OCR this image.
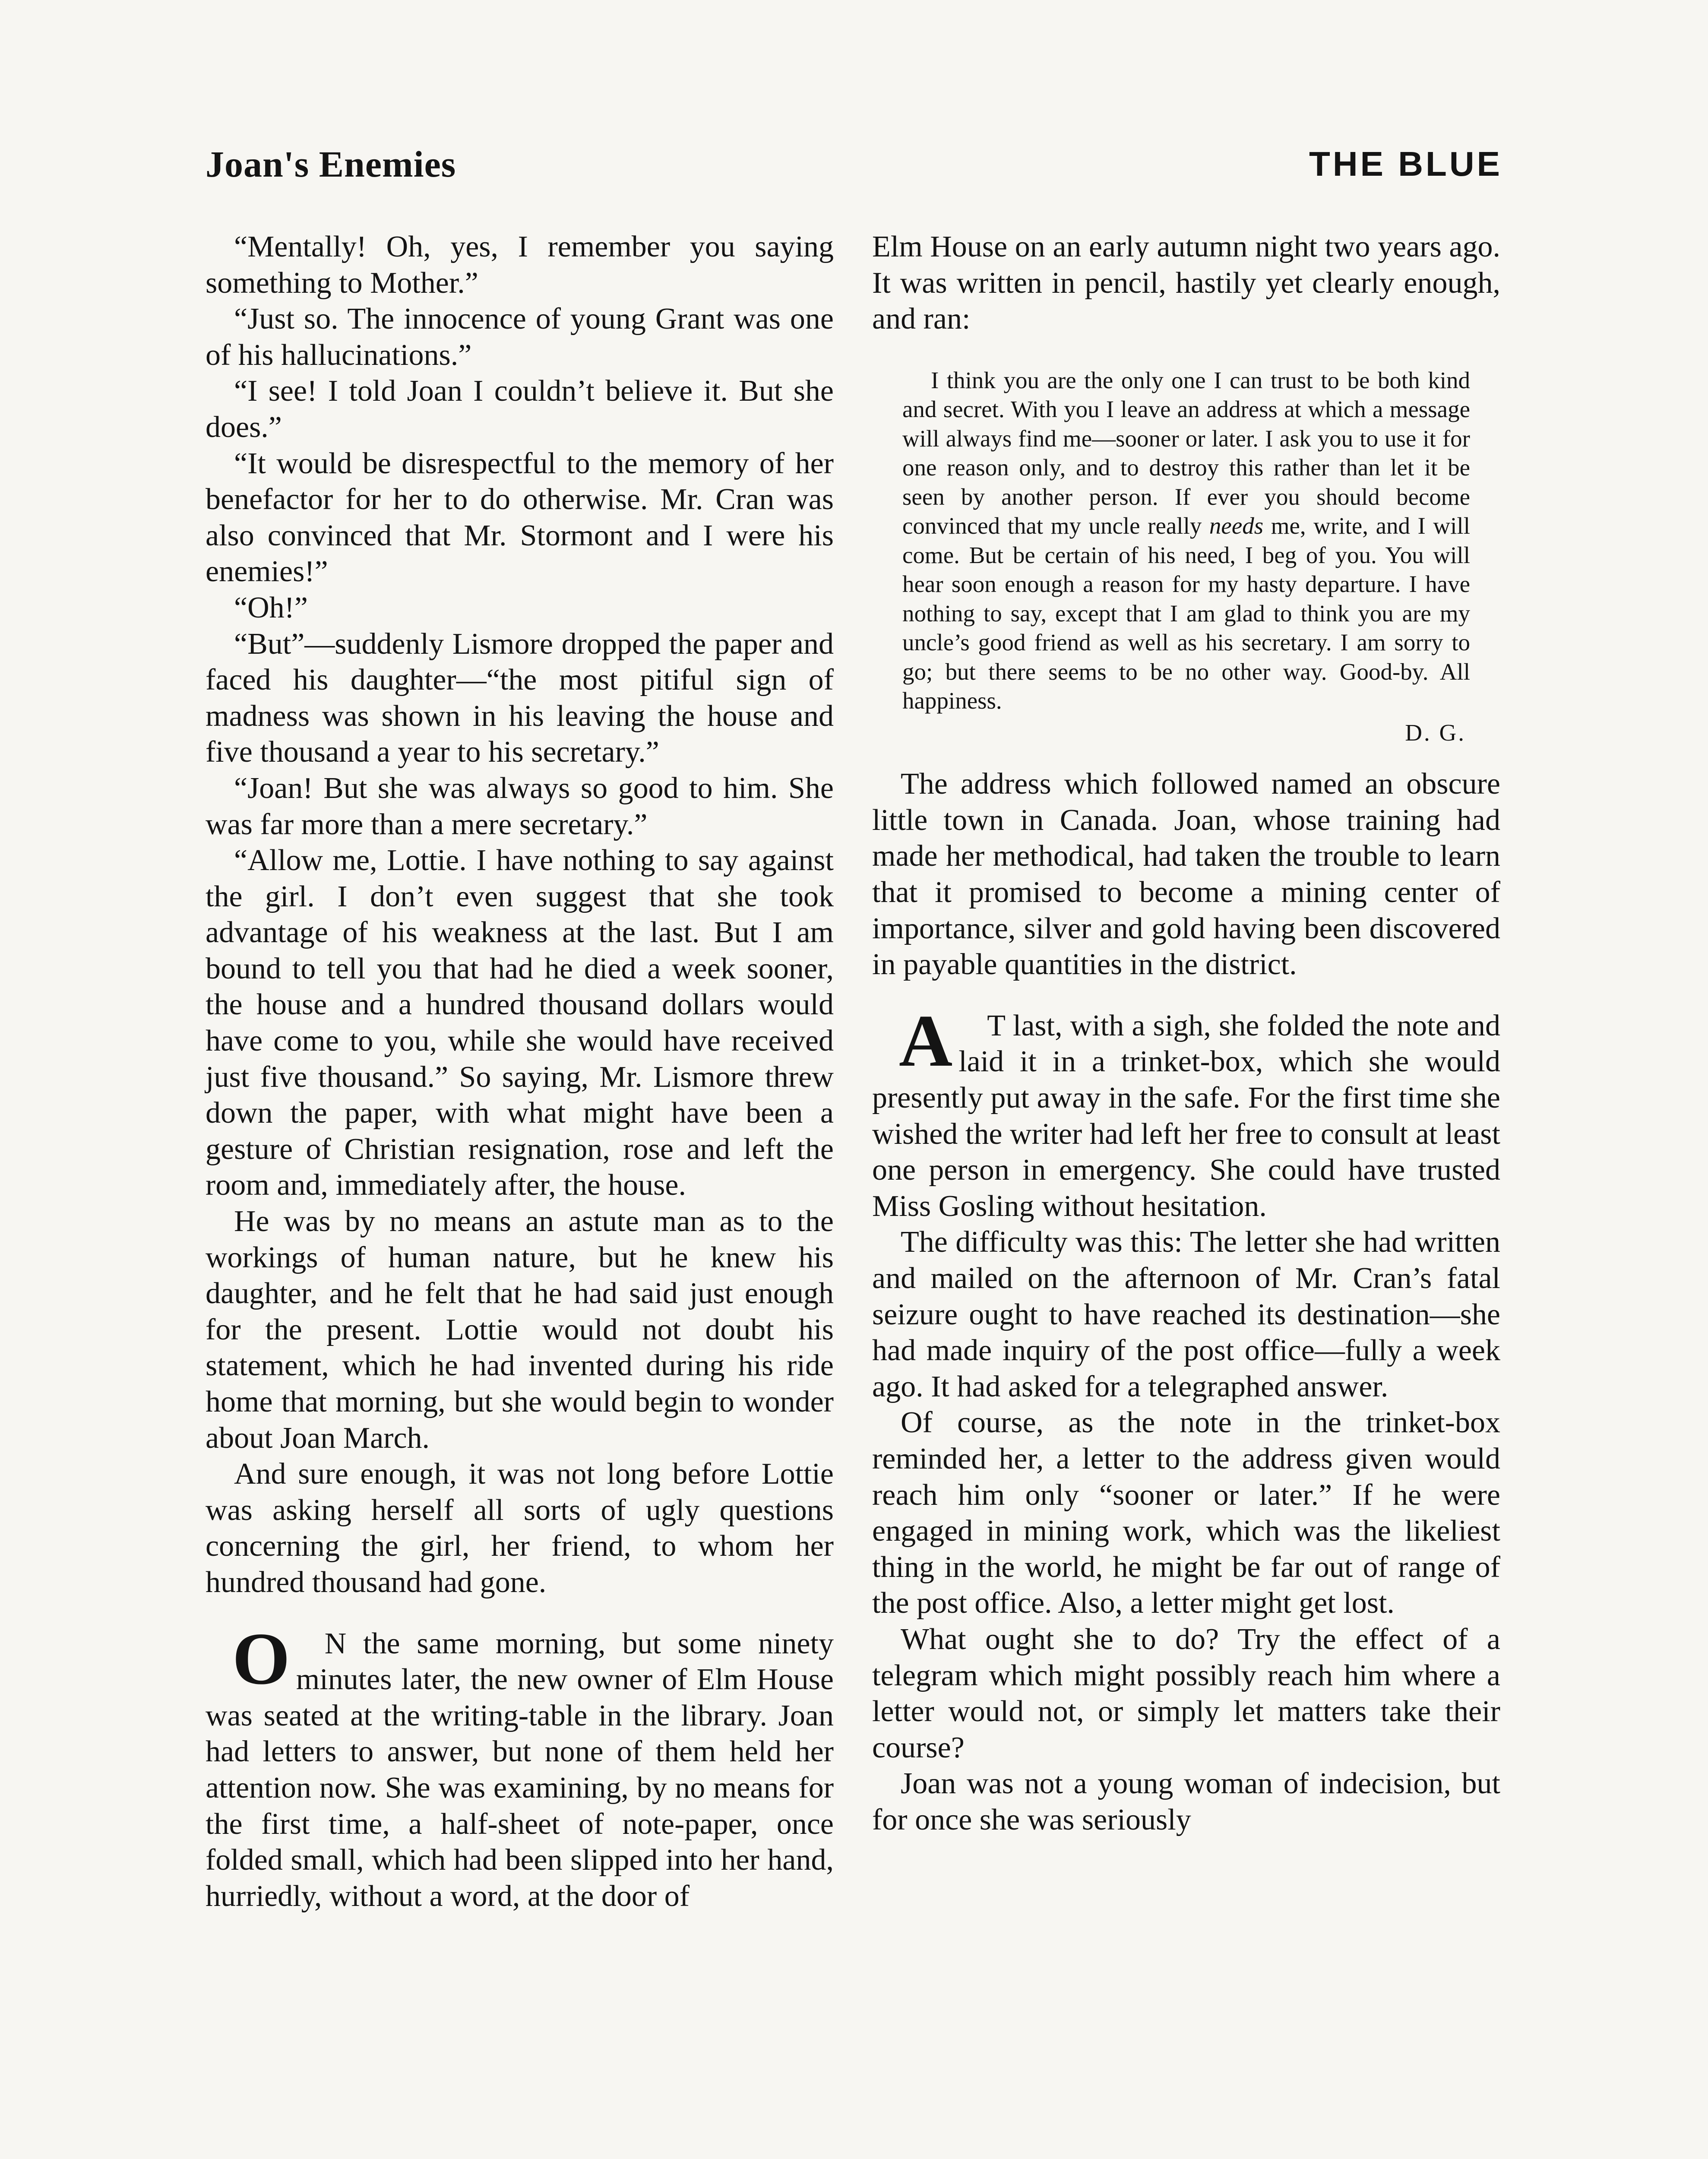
Joan's Enemies	THE BLUE

“Mentally! Oh, yes, I remember you saying something to Mother.”

“Just so. The innocence of young Grant was one of his hallucinations.”

“I see! I told Joan I couldn’t believe it. But she does.”

“It would be disrespectful to the memory of her benefactor for her to do otherwise. Mr. Cran was also convinced that Mr. Stormont and I were his enemies!”

“Oh!”

“But”—suddenly Lismore dropped the paper and faced his daughter—“the most pitiful sign of madness was shown in his leaving the house and five thousand a year to his secretary.”

“Joan! But she was always so good to him. She was far more than a mere secretary.”

“Allow me, Lottie. I have nothing to say against the girl. I don’t even suggest that she took advantage of his weakness at the last. But I am bound to tell you that had he died a week sooner, the house and a hundred thousand dollars would have come to you, while she would have received just five thousand.” So saying, Mr. Lismore threw down the paper, with what might have been a gesture of Christian resignation, rose and left the room and, immediately after, the house.

He was by no means an astute man as to the workings of human nature, but he knew his daughter, and he felt that he had said just enough for the present. Lottie would not doubt his statement, which he had invented during his ride home that morning, but she would begin to wonder about Joan March.

And sure enough, it was not long before Lottie was asking herself all sorts of ugly questions concerning the girl, her friend, to whom her hundred thousand had gone.

O N the same morning, but some ninety minutes later, the new owner of Elm House was seated at the writing-table in the library. Joan had letters to answer, but none of them held her attention now. She was examining, by no means for the first time, a half-sheet of note-paper, once folded small, which had been slipped into her hand, hurriedly, without a word, at the door of

Elm House on an early autumn night two years ago. It was written in pencil, hastily yet clearly enough, and ran:

I think you are the only one I can trust to be both kind and secret. With you I leave an address at which a message will always find me—sooner or later. I ask you to use it for one reason only, and to destroy this rather than let it be seen by another person. If ever you should become convinced that my uncle really needs me, write, and I will come. But be certain of his need, I beg of you. You will hear soon enough a reason for my hasty departure. I have nothing to say, except that I am glad to think you are my uncle’s good friend as well as his secretary. I am sorry to go; but there seems to be no other way. Good-by. All happiness.

D. G.

The address which followed named an obscure little town in Canada. Joan, whose training had made her methodical, had taken the trouble to learn that it promised to become a mining center of importance, silver and gold having been discovered in payable quantities in the district.

A T last, with a sigh, she folded the note and laid it in a trinket-box, which she would presently put away in the safe. For the first time she wished the writer had left her free to consult at least one person in emergency. She could have trusted Miss Gosling without hesitation.

The difficulty was this: The letter she had written and mailed on the afternoon of Mr. Cran’s fatal seizure ought to have reached its destination—she had made inquiry of the post office—fully a week ago. It had asked for a telegraphed answer.

Of course, as the note in the trinket-box reminded her, a letter to the address given would reach him only “sooner or later.” If he were engaged in mining work, which was the likeliest thing in the world, he might be far out of range of the post office. Also, a letter might get lost.

What ought she to do? Try the effect of a telegram which might possibly reach him where a letter would not, or simply let matters take their course?

Joan was not a young woman of indecision, but for once she was seriously
